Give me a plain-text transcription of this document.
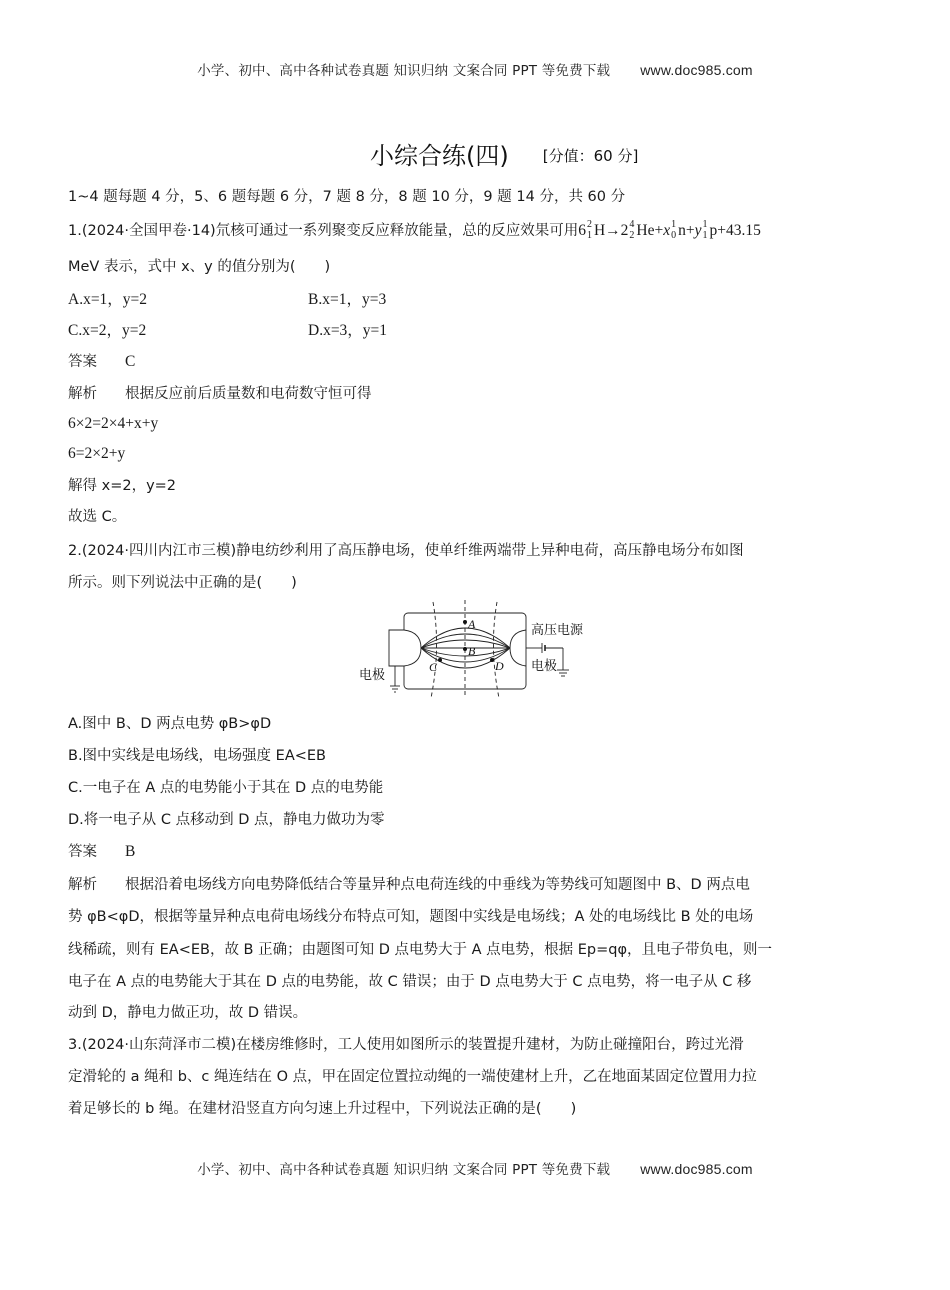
小学、初中、高中各种试卷真题 知识归纳 文案合同 PPT 等免费下载 www.doc985.com
小综合练(四) [分值：60 分]
1~4 题每题 4 分，5、6 题每题 6 分，7 题 8 分，8 题 10 分，9 题 14 分，共 60 分
1.(2024·全国甲卷·14)氘核可通过一系列聚变反应释放能量，总的反应效果可用6 2
1 H→2 4
2 He+x 1
0 n+y 1
1 p+43.15
MeV 表示，式中 x、y 的值分别为(　　)
A.x=1，y=2	B.x=1，y=3
C.x=2，y=2	D.x=3，y=1
答案 C
解析 根据反应前后质量数和电荷数守恒可得
6×2=2×4+x+y
6=2×2+y
解得 x=2，y=2
故选 C。
2.(2024·四川内江市三模)静电纺纱利用了高压静电场，使单纤维两端带上异种电荷，高压静电场分布如图
所示。则下列说法中正确的是(　　)
A
B
C	D
电极
高压电源
电极
A.图中 B、D 两点电势 φB>φD
B.图中实线是电场线，电场强度 EA<EB
C.一电子在 A 点的电势能小于其在 D 点的电势能
D.将一电子从 C 点移动到 D 点，静电力做功为零
答案 B
解析 根据沿着电场线方向电势降低结合等量异种点电荷连线的中垂线为等势线可知题图中 B、D 两点电
势 φB<φD，根据等量异种点电荷电场线分布特点可知，题图中实线是电场线；A 处的电场线比 B 处的电场
线稀疏，则有 EA<EB，故 B 正确；由题图可知 D 点电势大于 A 点电势，根据 Ep=qφ，且电子带负电，则一
电子在 A 点的电势能大于其在 D 点的电势能，故 C 错误；由于 D 点电势大于 C 点电势，将一电子从 C 移
动到 D，静电力做正功，故 D 错误。
3.(2024·山东菏泽市二模)在楼房维修时，工人使用如图所示的装置提升建材，为防止碰撞阳台，跨过光滑
定滑轮的 a 绳和 b、c 绳连结在 O 点，甲在固定位置拉动绳的一端使建材上升，乙在地面某固定位置用力拉
着足够长的 b 绳。在建材沿竖直方向匀速上升过程中，下列说法正确的是(　　)
小学、初中、高中各种试卷真题 知识归纳 文案合同 PPT 等免费下载 www.doc985.com
